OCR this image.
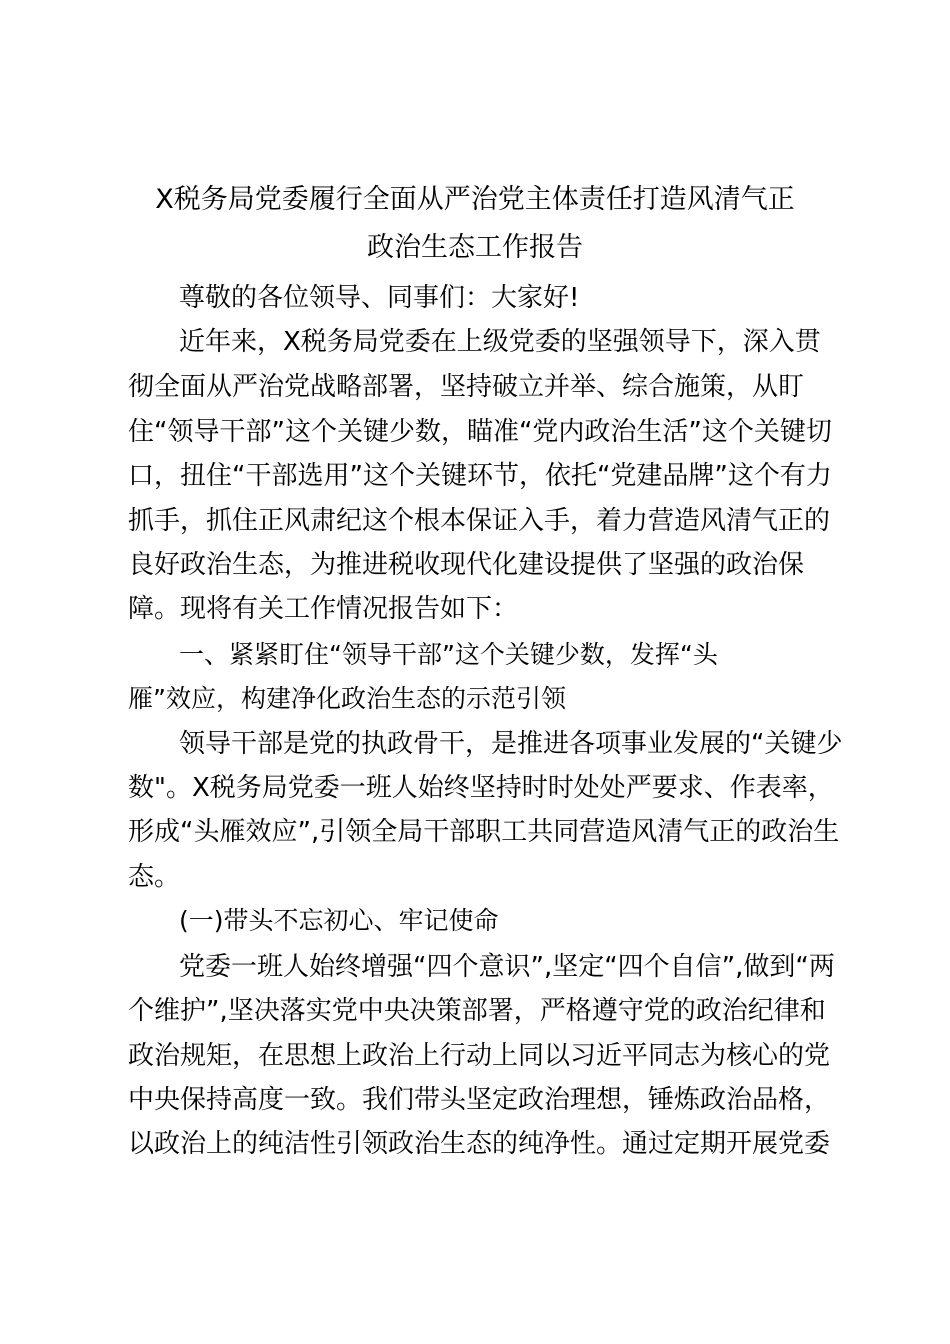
X税务局党委履行全面从严治党主体责任打造风清气正
政治生态工作报告
尊敬的各位领导、同事们：大家好!
近年来，X税务局党委在上级党委的坚强领导下，深入贯
彻全面从严治党战略部署，坚持破立并举、综合施策，从盯
住“领导干部”这个关键少数，瞄准“党内政治生活”这个关键切
口，扭住“干部选用”这个关键环节，依托“党建品牌”这个有力
抓手，抓住正风肃纪这个根本保证入手，着力营造风清气正的
良好政治生态，为推进税收现代化建设提供了坚强的政治保
障。现将有关工作情况报告如下：
一、紧紧盯住“领导干部”这个关键少数，发挥“头
雁”效应，构建净化政治生态的示范引领
领导干部是党的执政骨干，是推进各项事业发展的“关键少
数"。X税务局党委一班人始终坚持时时处处严要求、作表率，
形成“头雁效应”,引领全局干部职工共同营造风清气正的政治生
态。
(一)带头不忘初心、牢记使命
党委一班人始终增强“四个意识”,坚定“四个自信”,做到“两
个维护”,坚决落实党中央决策部署，严格遵守党的政治纪律和
政治规矩，在思想上政治上行动上同以习近平同志为核心的党
中央保持高度一致。我们带头坚定政治理想，锤炼政治品格，
以政治上的纯洁性引领政治生态的纯净性。通过定期开展党委
